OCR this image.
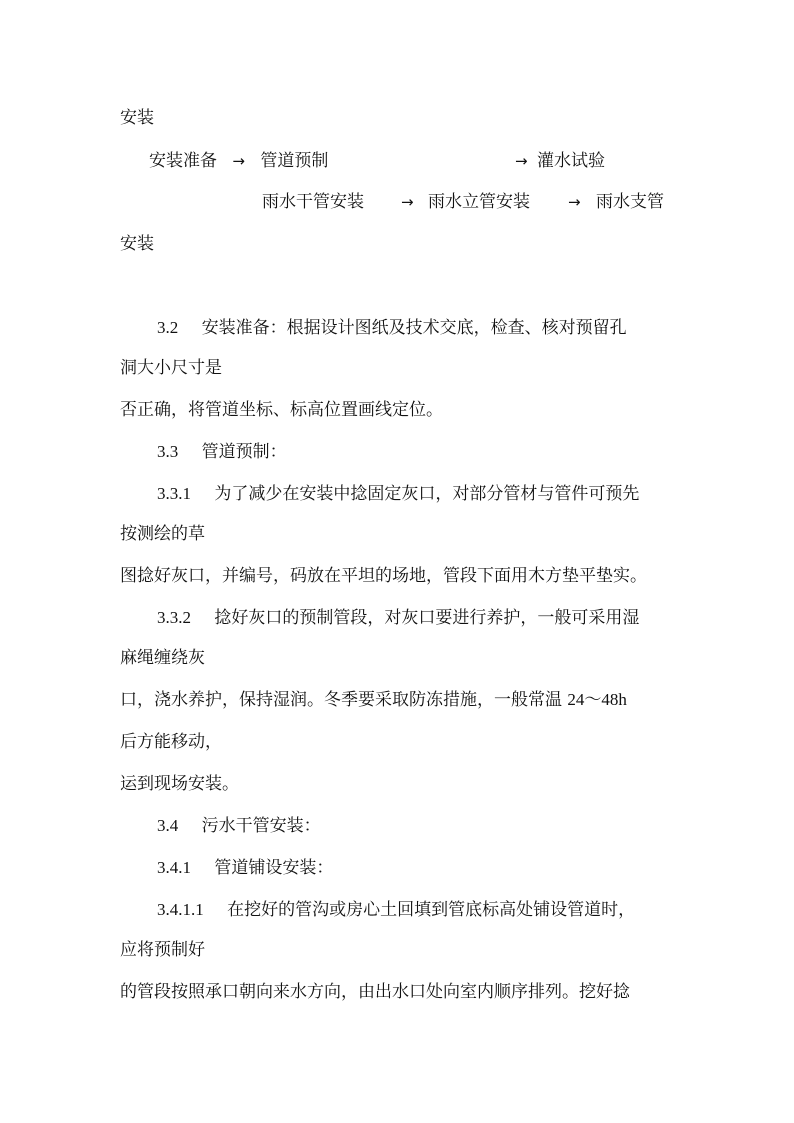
安装
安装准备 → 管道预制	→ 灌水试验
雨水干管安装 → 雨水立管安装	→ 雨水支管
安装
3.2 安装准备：根据设计图纸及技术交底，检查、核对预留孔
洞大小尺寸是
否正确，将管道坐标、标高位置画线定位。
3.3 管道预制：
3.3.1 为了减少在安装中捻固定灰口，对部分管材与管件可预先
按测绘的草
图捻好灰口，并编号，码放在平坦的场地，管段下面用木方垫平垫实。
3.3.2 捻好灰口的预制管段，对灰口要进行养护，一般可采用湿
麻绳缠绕灰
口，浇水养护，保持湿润。冬季要采取防冻措施，一般常温 24～48h
后方能移动，
运到现场安装。
3.4 污水干管安装：
3.4.1 管道铺设安装：
3.4.1.1 在挖好的管沟或房心土回填到管底标高处铺设管道时，
应将预制好
的管段按照承口朝向来水方向，由出水口处向室内顺序排列。挖好捻
